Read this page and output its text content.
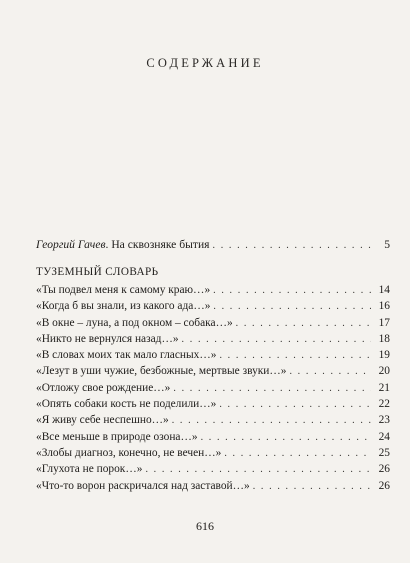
СОДЕРЖАНИЕ
Георгий Гачев. На сквозняке бытия . . .	5
ТУЗЕМНЫЙ СЛОВАРЬ
«Ты подвел меня к самому краю…» . . .	14
«Когда б вы знали, из какого ада…» . . .	16
«В окне – луна, а под окном – собака…» . . .	17
«Никто не вернулся назад…» . . .	18
«В словах моих так мало гласных…» . . .	19
«Лезут в уши чужие, безбожные, мертвые звуки…» . . .	20
«Отложу свое рождение…» . . .	21
«Опять собаки кость не поделили…» . . .	22
«Я живу себе неспешно…» . . .	23
«Все меньше в природе озона…» . . .	24
«Злобы диагноз, конечно, не вечен…» . . .	25
«Глухота не порок…» . . .	26
«Что-то ворон раскричался над заставой…» . . .	26
616
